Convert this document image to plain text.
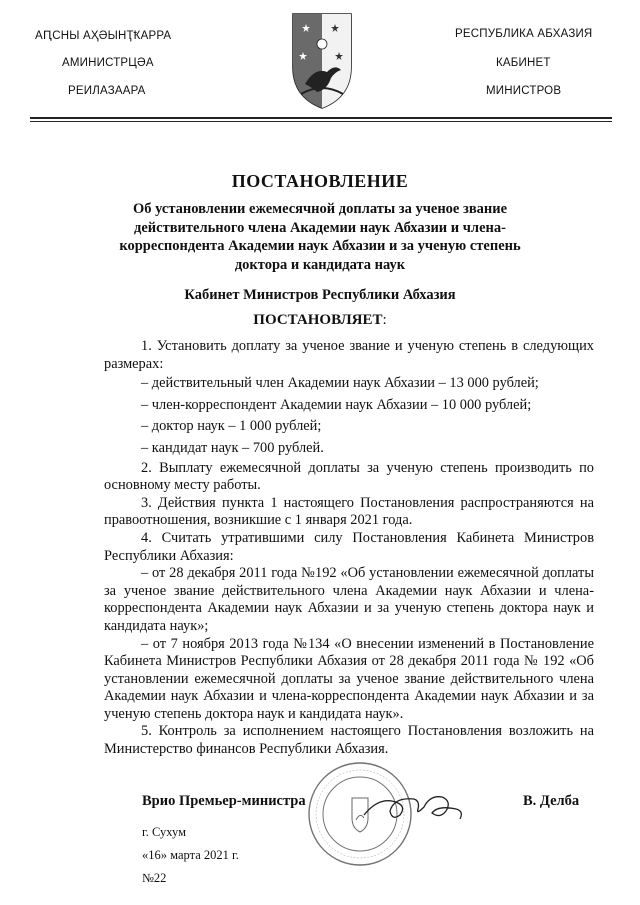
АԤСНЫ АҲӘЫНҬҞАРРА
АМИНИСТРЦӘА
РЕИЛАЗААРА
РЕСПУБЛИКА АБХАЗИЯ
КАБИНЕТ
МИНИСТРОВ
ПОСТАНОВЛЕНИЕ
Об установлении ежемесячной доплаты за ученое звание действительного члена Академии наук Абхазии и члена-корреспондента Академии наук Абхазии и за ученую степень доктора и кандидата наук
Кабинет Министров Республики Абхазия
ПОСТАНОВЛЯЕТ:

1. Установить доплату за ученое звание и ученую степень в следующих размерах:

– действительный член Академии наук Абхазии – 13 000 рублей;

– член-корреспондент Академии наук Абхазии – 10 000 рублей;

– доктор наук – 1 000 рублей;

– кандидат наук – 700 рублей.

2. Выплату ежемесячной доплаты за ученую степень производить по основному месту работы.

3. Действия пункта 1 настоящего Постановления распространяются на правоотношения, возникшие с 1 января 2021 года.

4. Считать утратившими силу Постановления Кабинета Министров Республики Абхазия:

– от 28 декабря 2011 года №192 «Об установлении ежемесячной доплаты за ученое звание действительного члена Академии наук Абхазии и члена-корреспондента Академии наук Абхазии и за ученую степень доктора наук и кандидата наук»;

– от 7 ноября 2013 года №134 «О внесении изменений в Постановление Кабинета Министров Республики Абхазия от 28 декабря 2011 года № 192 «Об установлении ежемесячной доплаты за ученое звание действительного члена Академии наук Абхазии и члена-корреспондента Академии наук Абхазии и за ученую степень доктора наук и кандидата наук».

5. Контроль за исполнением настоящего Постановления возложить на Министерство финансов Республики Абхазия.

Врио Премьер-министра	В. Делба
г. Сухум
«16» марта 2021 г.
№22
